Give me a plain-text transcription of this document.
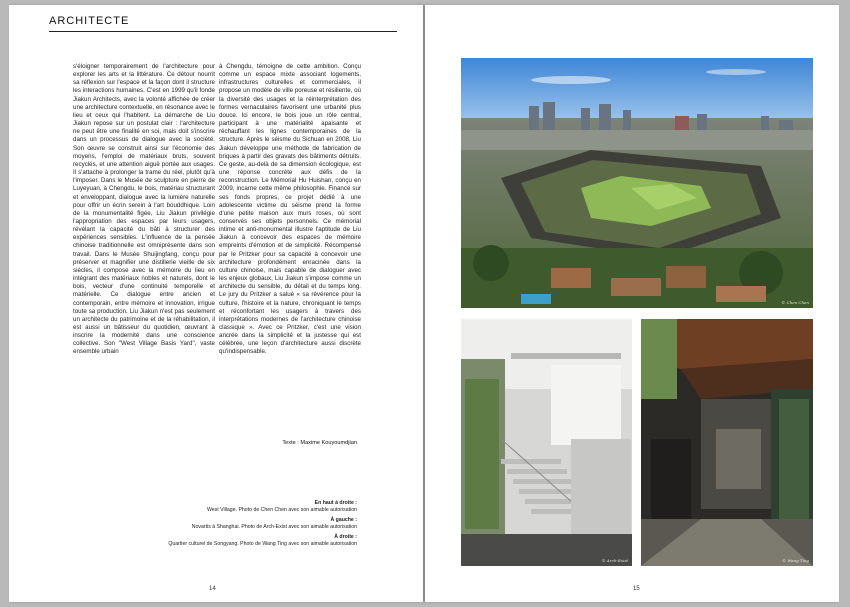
ARCHITECTE
s'éloigner temporairement de l'architecture pour explorer les arts et la littérature. Ce détour nourrit sa réflexion sur l'espace et la façon dont il structure les interactions humaines. C'est en 1999 qu'il fonde Jiakun Architects, avec la volonté affichée de créer une architecture contextuelle, en résonance avec le lieu et ceux qui l'habitent. La démarche de Liu Jiakun repose sur un postulat clair : l'architecture ne peut être une finalité en soi, mais doit s'inscrire dans un processus de dialogue avec la société. Son œuvre se construit ainsi sur l'économie des moyens, l'emploi de matériaux bruts, souvent recyclés, et une attention aiguë portée aux usages. Il s'attache à prolonger la trame du réel, plutôt qu'à l'imposer. Dans le Musée de sculpture en pierre de Luyeyuan, à Chengdu, le bois, matériau structurant et enveloppant, dialogue avec la lumière naturelle pour offrir un écrin serein à l'art bouddhique. Loin de la monumentalité figée, Liu Jiakun privilégie l'appropriation des espaces par leurs usagers, révélant la capacité du bâti à structurer des expériences sensibles. L'influence de la pensée chinoise traditionnelle est omniprésente dans son travail. Dans le Musée Shuijingfang, conçu pour préserver et magnifier une distillerie vieille de six siècles, il compose avec la mémoire du lieu en intégrant des matériaux nobles et naturels, dont le bois, vecteur d'une continuité temporelle et matérielle. Ce dialogue entre ancien et contemporain, entre mémoire et innovation, irrigue toute sa production. Liu Jiakun n'est pas seulement un architecte du patrimoine et de la réhabilitation, il est aussi un bâtisseur du quotidien, œuvrant à inscrire la modernité dans une conscience collective. Son "West Village Basis Yard", vaste ensemble urbain
à Chengdu, témoigne de cette ambition. Conçu comme un espace mixte associant logements, infrastructures culturelles et commerciales, il propose un modèle de ville poreuse et résiliente, où la diversité des usages et la réinterprétation des formes vernaculaires favorisent une urbanité plus douce. Ici encore, le bois joue un rôle central, participant à une matérialité apaisante et réchauffant les lignes contemporaines de la structure. Après le séisme du Sichuan en 2008, Liu Jiakun développe une méthode de fabrication de briques à partir des gravats des bâtiments détruits. Ce geste, au-delà de sa dimension écologique, est une réponse concrète aux défis de la reconstruction. Le Mémorial Hu Huishan, conçu en 2009, incarne cette même philosophie. Financé sur ses fonds propres, ce projet dédié à une adolescente victime du séisme prend la forme d'une petite maison aux murs roses, où sont conservés ses objets personnels. Ce mémorial intime et anti-monumental illustre l'aptitude de Liu Jiakun à concevoir des espaces de mémoire empreints d'émotion et de simplicité. Récompensé par le Pritzker pour sa capacité à concevoir une architecture profondément enracinée dans la culture chinoise, mais capable de dialoguer avec les enjeux globaux, Liu Jiakun s'impose comme un architecte du sensible, du détail et du temps long. Le jury du Pritzker a salué « sa révérence pour la culture, l'histoire et la nature, chroniquant le temps et réconfortant les usagers à travers des interprétations modernes de l'architecture chinoise classique ». Avec ce Pritzker, c'est une vision ancrée dans la simplicité et la justesse qui est célébrée, une leçon d'architecture aussi discrète qu'indispensable.
Texte : Maxime Kouyoumdjian
En haut à droite :
West Village. Photo de Chen Chen avec son aimable autorisation
À gauche :
Novartis à Shanghai. Photo de Arch-Exist avec son aimable autorisation
À droite :
Quartier culturel de Songyang. Photo de Wang Ting avec son aimable autorisation
14
© Chen Chen
© Arch-Exist	© Wang Ting
15
